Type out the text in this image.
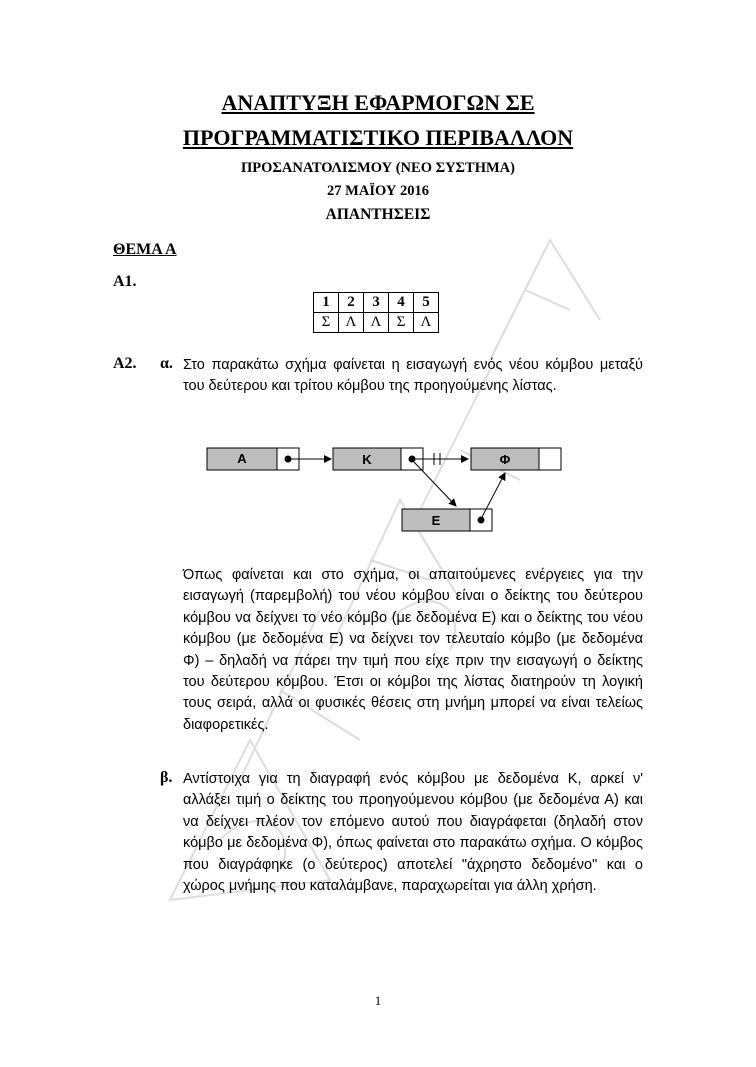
ΑΝΑΠΤΥΞΗ ΕΦΑΡΜΟΓΩΝ ΣΕ
ΠΡΟΓΡΑΜΜΑΤΙΣΤΙΚΟ ΠΕΡΙΒΑΛΛΟΝ
ΠΡΟΣΑΝΑΤΟΛΙΣΜΟΥ (ΝΕΟ ΣΥΣΤΗΜΑ)
27 ΜΑΪΟΥ 2016
ΑΠΑΝΤΗΣΕΙΣ
ΘΕΜΑ Α
Α1.
1	2	3	4	5
Σ	Λ	Λ	Σ	Λ
Α2. α. Στο παρακάτω σχήμα φαίνεται η εισαγωγή ενός νέου κόμβου μεταξύ του δεύτερου και τρίτου κόμβου της προηγούμενης λίστας.
Α	Κ	Φ
Ε
Όπως φαίνεται και στο σχήμα, οι απαιτούμενες ενέργειες για την εισαγωγή (παρεμβολή) του νέου κόμβου είναι ο δείκτης του δεύτερου κόμβου να δείχνει το νέο κόμβο (με δεδομένα Ε) και ο δείκτης του νέου κόμβου (με δεδομένα Ε) να δείχνει τον τελευταίο κόμβο (με δεδομένα Φ) – δηλαδή να πάρει την τιμή που είχε πριν την εισαγωγή ο δείκτης του δεύτερου κόμβου. Έτσι οι κόμβοι της λίστας διατηρούν τη λογική τους σειρά, αλλά οι φυσικές θέσεις στη μνήμη μπορεί να είναι τελείως διαφορετικές.
β. Αντίστοιχα για τη διαγραφή ενός κόμβου με δεδομένα Κ, αρκεί ν' αλλάξει τιμή ο δείκτης του προηγούμενου κόμβου (με δεδομένα Α) και να δείχνει πλέον τον επόμενο αυτού που διαγράφεται (δηλαδή στον κόμβο με δεδομένα Φ), όπως φαίνεται στο παρακάτω σχήμα. Ο κόμβος που διαγράφηκε (ο δεύτερος) αποτελεί "άχρηστο δεδομένο" και ο χώρος μνήμης που καταλάμβανε, παραχωρείται για άλλη χρήση.
1
